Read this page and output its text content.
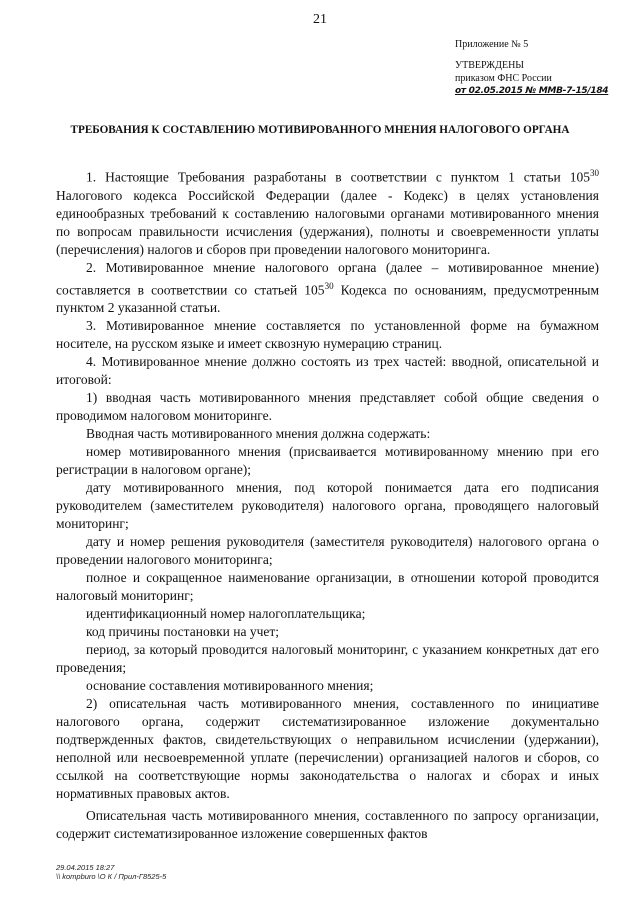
21
Приложение № 5
УТВЕРЖДЕНЫ
приказом ФНС России
от 02.05.2015 № ММВ-7-15/184
ТРЕБОВАНИЯ К СОСТАВЛЕНИЮ МОТИВИРОВАННОГО МНЕНИЯ НАЛОГОВОГО ОРГАНА

1. Настоящие Требования разработаны в соответствии с пунктом 1 статьи $105^{30}$ Налогового кодекса Российской Федерации (далее - Кодекс) в целях установления единообразных требований к составлению налоговыми органами мотивированного мнения по вопросам правильности исчисления (удержания), полноты и своевременности уплаты (перечисления) налогов и сборов при проведении налогового мониторинга.

2. Мотивированное мнение налогового органа (далее – мотивированное мнение) составляется в соответствии со статьей $105^{30}$ Кодекса по основаниям, предусмотренным пунктом 2 указанной статьи.

3. Мотивированное мнение составляется по установленной форме на бумажном носителе, на русском языке и имеет сквозную нумерацию страниц.

4. Мотивированное мнение должно состоять из трех частей: вводной, описательной и итоговой:

1) вводная часть мотивированного мнения представляет собой общие сведения о проводимом налоговом мониторинге.

Вводная часть мотивированного мнения должна содержать:

номер мотивированного мнения (присваивается мотивированному мнению при его регистрации в налоговом органе);

дату мотивированного мнения, под которой понимается дата его подписания руководителем (заместителем руководителя) налогового органа, проводящего налоговый мониторинг;

дату и номер решения руководителя (заместителя руководителя) налогового органа о проведении налогового мониторинга;

полное и сокращенное наименование организации, в отношении которой проводится налоговый мониторинг;

идентификационный номер налогоплательщика;

код причины постановки на учет;

период, за который проводится налоговый мониторинг, с указанием конкретных дат его проведения;

основание составления мотивированного мнения;

2) описательная часть мотивированного мнения, составленного по инициативе налогового органа, содержит систематизированное изложение документально подтвержденных фактов, свидетельствующих о неправильном исчислении (удержании), неполной или несвоевременной уплате (перечислении) организацией налогов и сборов, со ссылкой на соответствующие нормы законодательства о налогах и сборах и иных нормативных правовых актов.

Описательная часть мотивированного мнения, составленного по запросу организации, содержит систематизированное изложение совершенных фактов

29.04.2015 18:27
\\ kompburo \О К / Прил-Г8525-5
